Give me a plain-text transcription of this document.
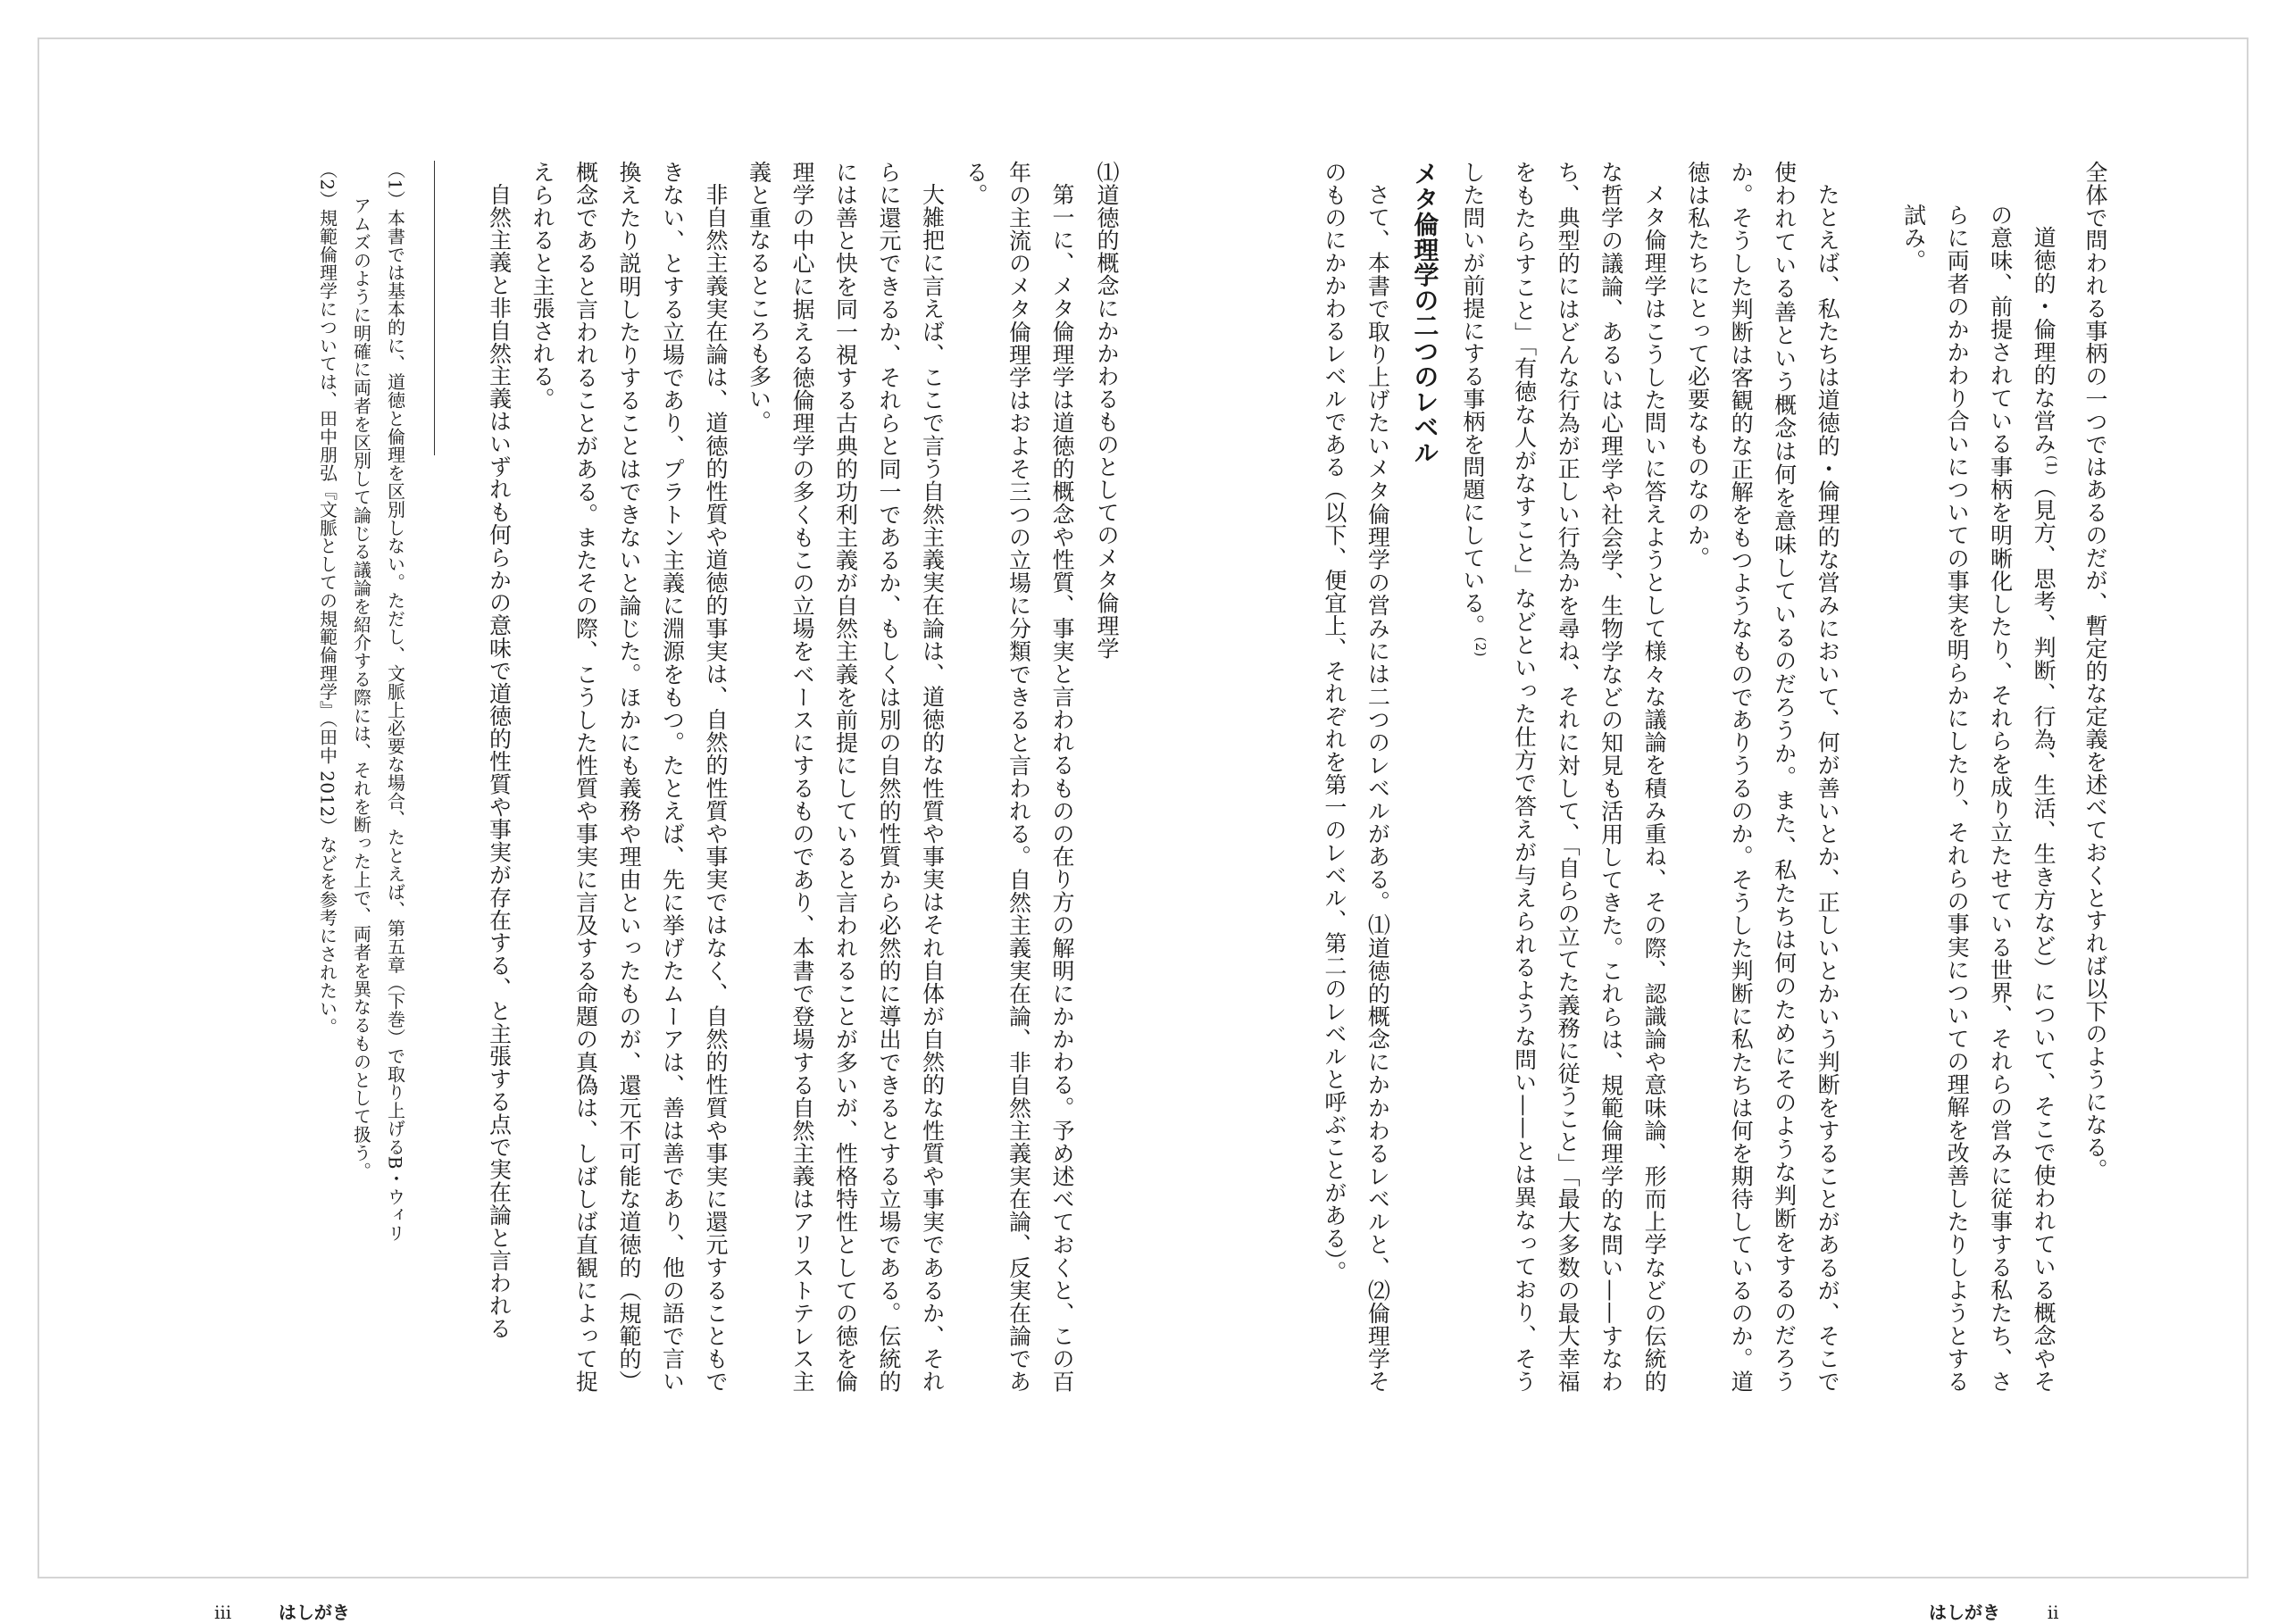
全体で問われる事柄の一つではあるのだが、暫定的な定義を述べておくとすれば以下のようになる。

道徳的・倫理的な営み$^{(1)}$（見方、思考、判断、行為、生活、生き方など）について、そこで使われている概念やその意味、前提されている事柄を明晰化したり、それらを成り立たせている世界、それらの営みに従事する私たち、さらに両者のかかわり合いについての事実を明らかにしたり、それらの事実についての理解を改善したりしようとする試み。

たとえば、私たちは道徳的・倫理的な営みにおいて、何が善いとか、正しいとかいう判断をすることがあるが、そこで使われている善という概念は何を意味しているのだろうか。また、私たちは何のためにそのような判断をするのだろうか。そうした判断は客観的な正解をもつようなものでありうるのか。そうした判断に私たちは何を期待しているのか。道徳は私たちにとって必要なものなのか。

メタ倫理学はこうした問いに答えようとして様々な議論を積み重ね、その際、認識論や意味論、形而上学などの伝統的な哲学の議論、あるいは心理学や社会学、生物学などの知見も活用してきた。これらは、規範倫理学的な問い——すなわち、典型的にはどんな行為が正しい行為かを尋ね、それに対して、「自らの立てた義務に従うこと」「最大多数の最大幸福をもたらすこと」「有徳な人がなすこと」などといった仕方で答えが与えられるような問い——とは異なっており、そうした問いが前提にする事柄を問題にしている。$^{(2)}$

メタ倫理学の二つのレベル

さて、本書で取り上げたいメタ倫理学の営みには二つのレベルがある。⑴道徳的概念にかかわるレベルと、⑵倫理学そのものにかかわるレベルである（以下、便宜上、それぞれを第一のレベル、第二のレベルと呼ぶことがある）。

はしがき	ii
⑴道徳的概念にかかわるものとしてのメタ倫理学

第一に、メタ倫理学は道徳的概念や性質、事実と言われるものの在り方の解明にかかわる。予め述べておくと、この百年の主流のメタ倫理学はおよそ三つの立場に分類できると言われる。自然主義実在論、非自然主義実在論、反実在論である。

大雑把に言えば、ここで言う自然主義実在論は、道徳的な性質や事実はそれ自体が自然的な性質や事実であるか、それらに還元できるか、それらと同一であるか、もしくは別の自然的性質から必然的に導出できるとする立場である。伝統的には善と快を同一視する古典的功利主義が自然主義を前提にしていると言われることが多いが、性格特性としての徳を倫理学の中心に据える徳倫理学の多くもこの立場をベースにするものであり、本書で登場する自然主義はアリストテレス主義と重なるところも多い。

非自然主義実在論は、道徳的性質や道徳的事実は、自然的性質や事実ではなく、自然的性質や事実に還元することもできない、とする立場であり、プラトン主義に淵源をもつ。たとえば、先に挙げたムーアは、善は善であり、他の語で言い換えたり説明したりすることはできないと論じた。ほかにも義務や理由といったものが、還元不可能な道徳的（規範的）概念であると言われることがある。またその際、こうした性質や事実に言及する命題の真偽は、しばしば直観によって捉えられると主張される。

自然主義と非自然主義はいずれも何らかの意味で道徳的性質や事実が存在する、と主張する点で実在論と言われる

（1）本書では基本的に、道徳と倫理を区別しない。ただし、文脈上必要な場合、たとえば、第五章（下巻）で取り上げるB・ウィリ

アムズのように明確に両者を区別して論じる議論を紹介する際には、それを断った上で、両者を異なるものとして扱う。

（2）規範倫理学については、田中朋弘『文脈としての規範倫理学』（田中 2012）などを参考にされたい。

iii	はしがき
